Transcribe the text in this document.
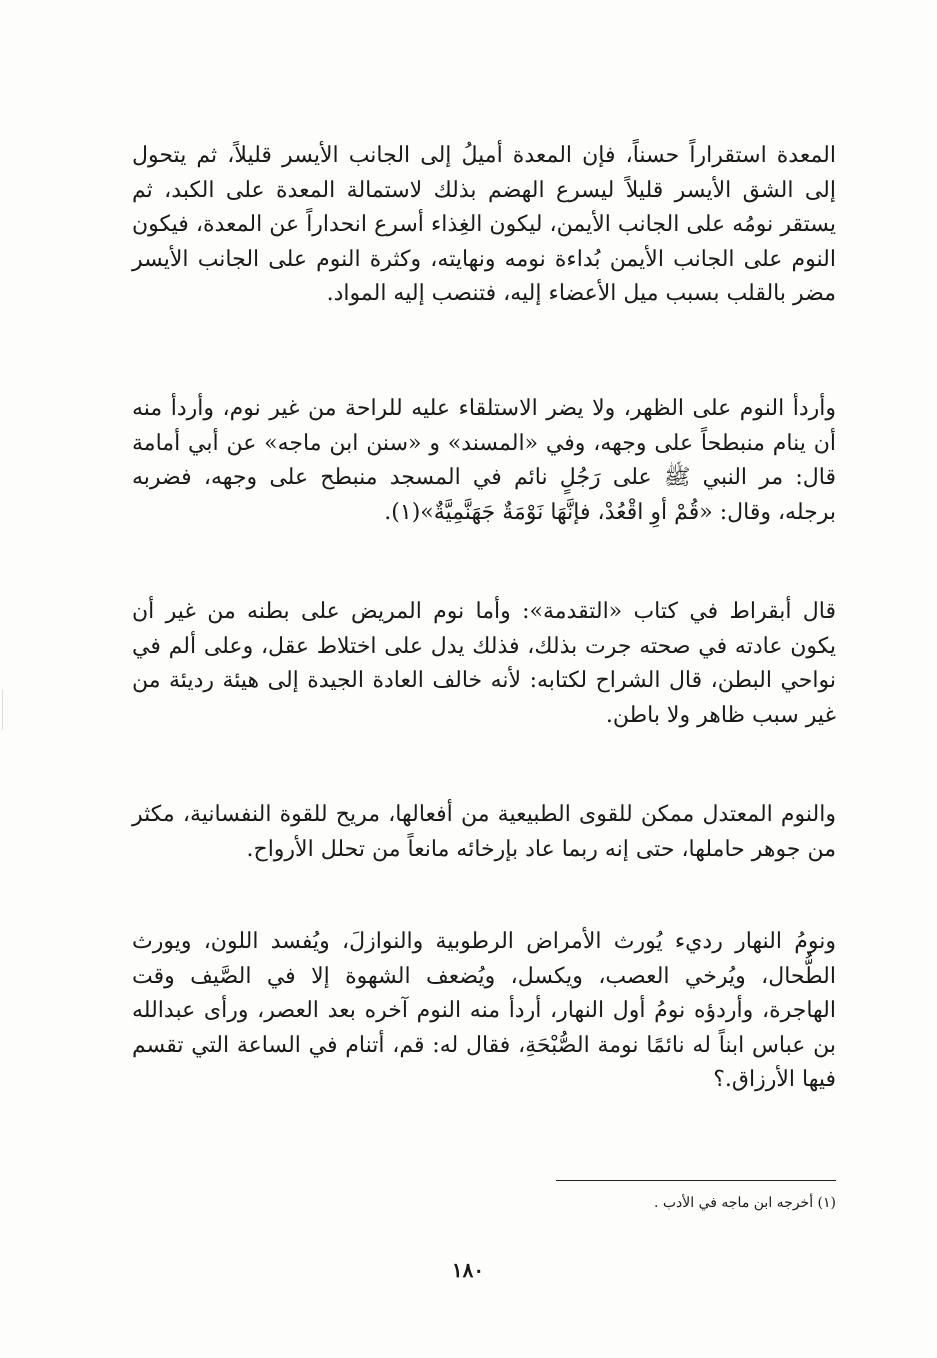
المعدة استقراراً حسناً، فإن المعدة أميلُ إلى الجانب الأيسر قليلاً، ثم يتحول إلى الشق الأيسر قليلاً ليسرع الهضم بذلك لاستمالة المعدة على الكبد، ثم يستقر نومُه على الجانب الأيمن، ليكون الغِذاء أسرع انحداراً عن المعدة، فيكون النوم على الجانب الأيمن بُداءة نومه ونهايته، وكثرة النوم على الجانب الأيسر مضر بالقلب بسبب ميل الأعضاء إليه، فتنصب إليه المواد.

وأردأ النوم على الظهر، ولا يضر الاستلقاء عليه للراحة من غير نوم، وأردأ منه أن ينام منبطحاً على وجهه، وفي «المسند» و «سنن ابن ماجه» عن أبي أمامة قال: مر النبي ﷺ على رَجُلٍ نائم في المسجد منبطح على وجهه، فضربه برجله، وقال: «قُمْ أوِ اقْعُدْ، فإنَّهَا نَوْمَةٌ جَهَنَّمِيَّةٌ»(١).

قال أبقراط في كتاب «التقدمة»: وأما نوم المريض على بطنه من غير أن يكون عادته في صحته جرت بذلك، فذلك يدل على اختلاط عقل، وعلى ألم في نواحي البطن، قال الشراح لكتابه: لأنه خالف العادة الجيدة إلى هيئة رديئة من غير سبب ظاهر ولا باطن.

والنوم المعتدل ممكن للقوى الطبيعية من أفعالها، مريح للقوة النفسانية، مكثر من جوهر حاملها، حتى إنه ربما عاد بإرخائه مانعاً من تحلل الأرواح.

ونومُ النهار رديء يُورث الأمراض الرطوبية والنوازلَ، ويُفسد اللون، ويورث الطُّحال، ويُرخي العصب، ويكسل، ويُضعف الشهوة إلا في الصَّيف وقت الهاجرة، وأردؤه نومُ أول النهار، أردأ منه النوم آخره بعد العصر، ورأى عبدالله بن عباس ابناً له نائمًا نومة الصُّبْحَةِ، فقال له: قم، أتنام في الساعة التي تقسم فيها الأرزاق.؟

(١) أخرجه ابن ماجه في الأدب .

١٨٠
